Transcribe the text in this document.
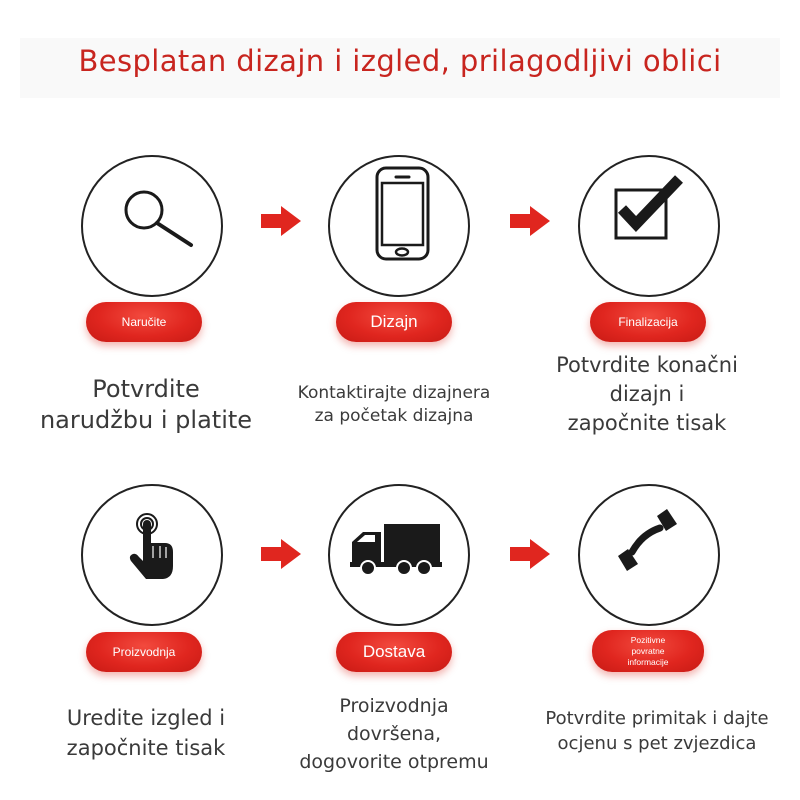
Besplatan dizajn i izgled, prilagodljivi oblici
Naručite	Dizajn	Finalizacija
Potvrdite
narudžbu i platite
Kontaktirajte dizajnera
za početak dizajna
Potvrdite konačni
dizajn i
započnite tisak
Proizvodnja	Dostava
Pozitivne
povratne
informacije
Uredite izgled i
započnite tisak
Proizvodnja
dovršena,
dogovorite otpremu
Potvrdite primitak i dajte
ocjenu s pet zvjezdica
